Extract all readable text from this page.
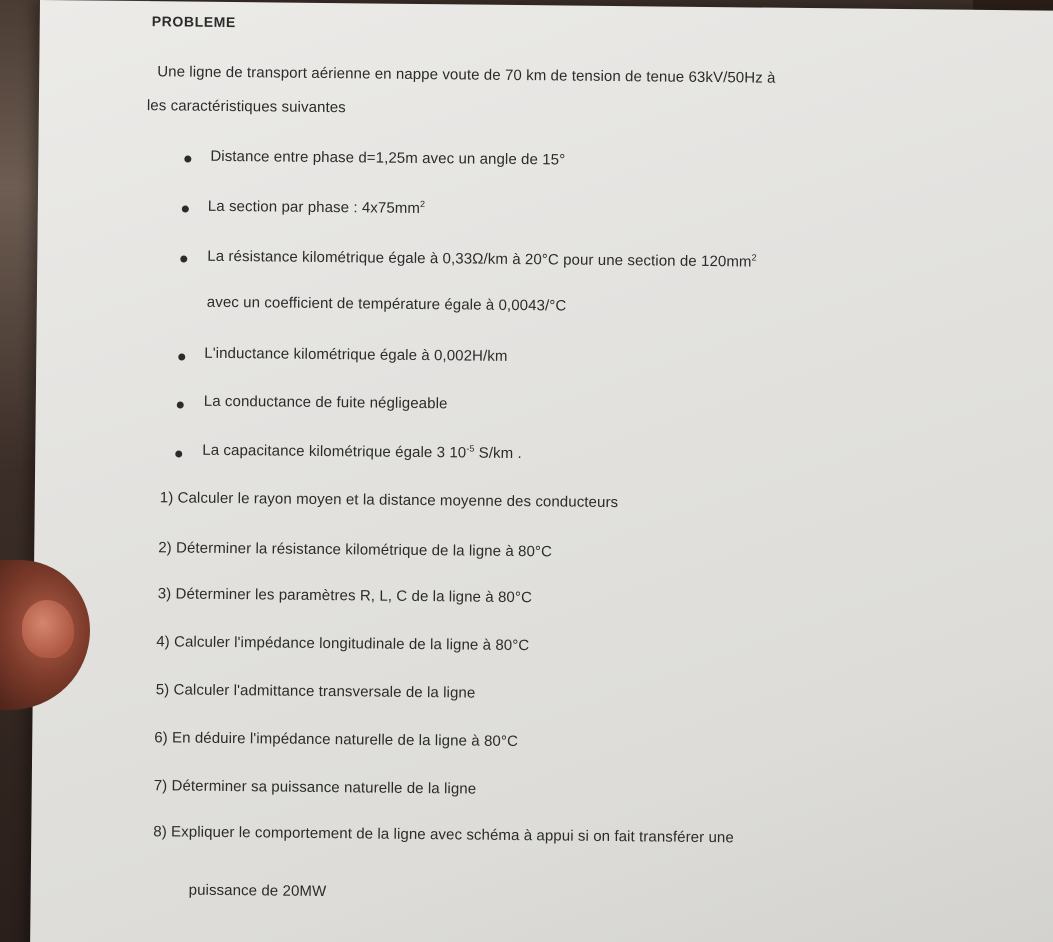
PROBLEME
Une ligne de transport aérienne en nappe voute de 70 km de tension de tenue 63kV/50Hz à
les caractéristiques suivantes
Distance entre phase d=1,25m avec un angle de 15°
La section par phase : $4x75mm^2$
La résistance kilométrique égale à 0,33Ω/km à 20°C pour une section de $120mm^2$
avec un coefficient de température égale à 0,0043/°C
L'inductance kilométrique égale à 0,002H/km
La conductance de fuite négligeable
La capacitance kilométrique égale 3 $10^{-5}$ S/km .
1) Calculer le rayon moyen et la distance moyenne des conducteurs
2) Déterminer la résistance kilométrique de la ligne à 80°C
3) Déterminer les paramètres R, L, C de la ligne à 80°C
4) Calculer l'impédance longitudinale de la ligne à 80°C
5) Calculer l'admittance transversale de la ligne
6) En déduire l'impédance naturelle de la ligne à 80°C
7) Déterminer sa puissance naturelle de la ligne
8) Expliquer le comportement de la ligne avec schéma à appui si on fait transférer une
puissance de 20MW
